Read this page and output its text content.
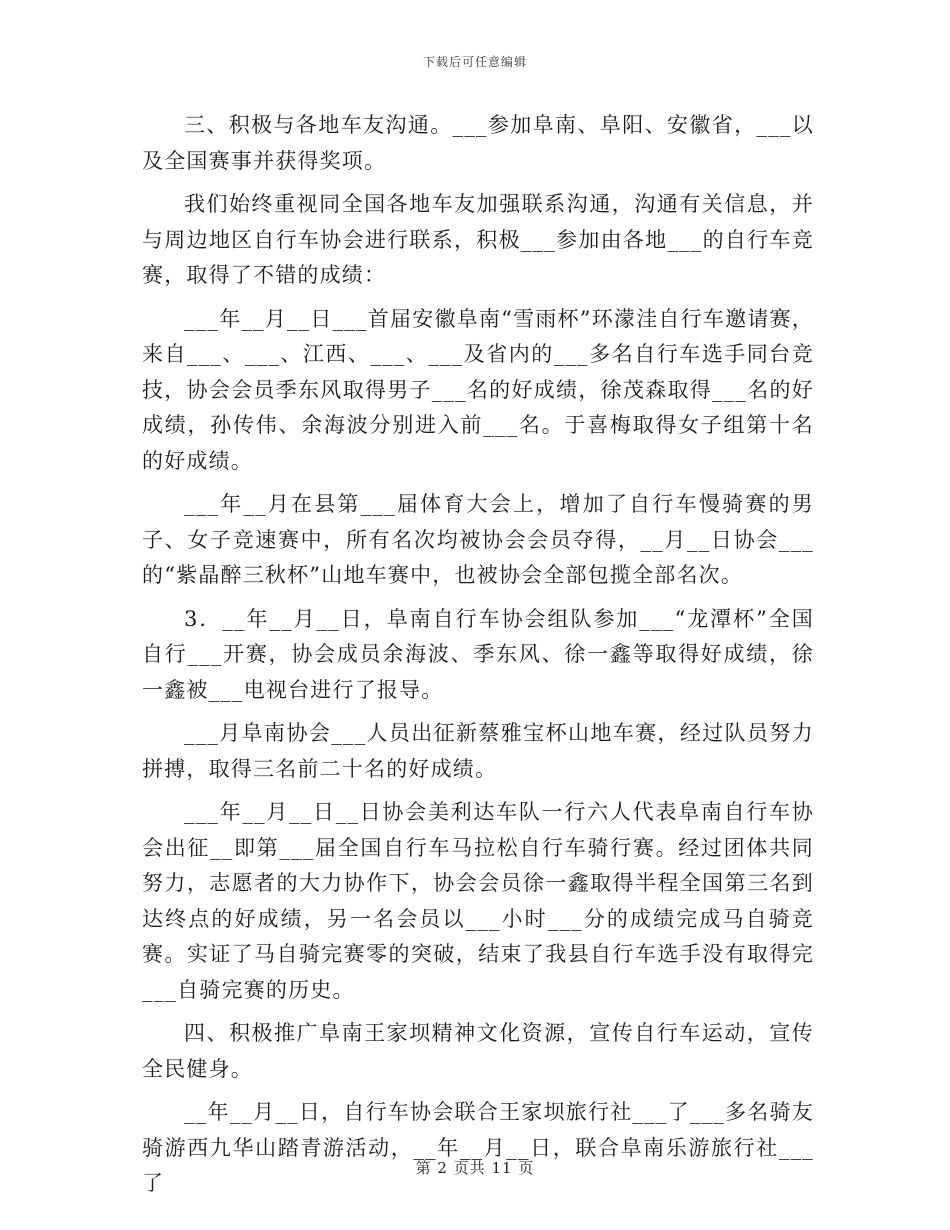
下载后可任意编辑

三、积极与各地车友沟通。___参加阜南、阜阳、安徽省，___以及全国赛事并获得奖项。

我们始终重视同全国各地车友加强联系沟通，沟通有关信息，并与周边地区自行车协会进行联系，积极___参加由各地___的自行车竞赛，取得了不错的成绩：

___年__月__日___首届安徽阜南“雪雨杯”环濛洼自行车邀请赛，来自___、___、江西、___、___及省内的___多名自行车选手同台竞技，协会会员季东风取得男子___名的好成绩，徐茂森取得___名的好成绩，孙传伟、余海波分别进入前___名。于喜梅取得女子组第十名的好成绩。

___年__月在县第___届体育大会上，增加了自行车慢骑赛的男子、女子竞速赛中，所有名次均被协会会员夺得，__月__日协会___的“紫晶醉三秋杯”山地车赛中，也被协会全部包揽全部名次。

3．__年__月__日，阜南自行车协会组队参加___“龙潭杯”全国自行___开赛，协会成员余海波、季东风、徐一鑫等取得好成绩，徐一鑫被___电视台进行了报导。

___月阜南协会___人员出征新蔡雅宝杯山地车赛，经过队员努力拼搏，取得三名前二十名的好成绩。

___年__月__日__日协会美利达车队一行六人代表阜南自行车协会出征__即第___届全国自行车马拉松自行车骑行赛。经过团体共同努力，志愿者的大力协作下，协会会员徐一鑫取得半程全国第三名到达终点的好成绩，另一名会员以___小时___分的成绩完成马自骑竞赛。实证了马自骑完赛零的突破，结束了我县自行车选手没有取得完___自骑完赛的历史。

四、积极推广阜南王家坝精神文化资源，宣传自行车运动，宣传全民健身。

__年__月__日，自行车协会联合王家坝旅行社___了___多名骑友骑游西九华山踏青游活动，__年__月__日，联合阜南乐游旅行社___了

第 2 页共 11 页
